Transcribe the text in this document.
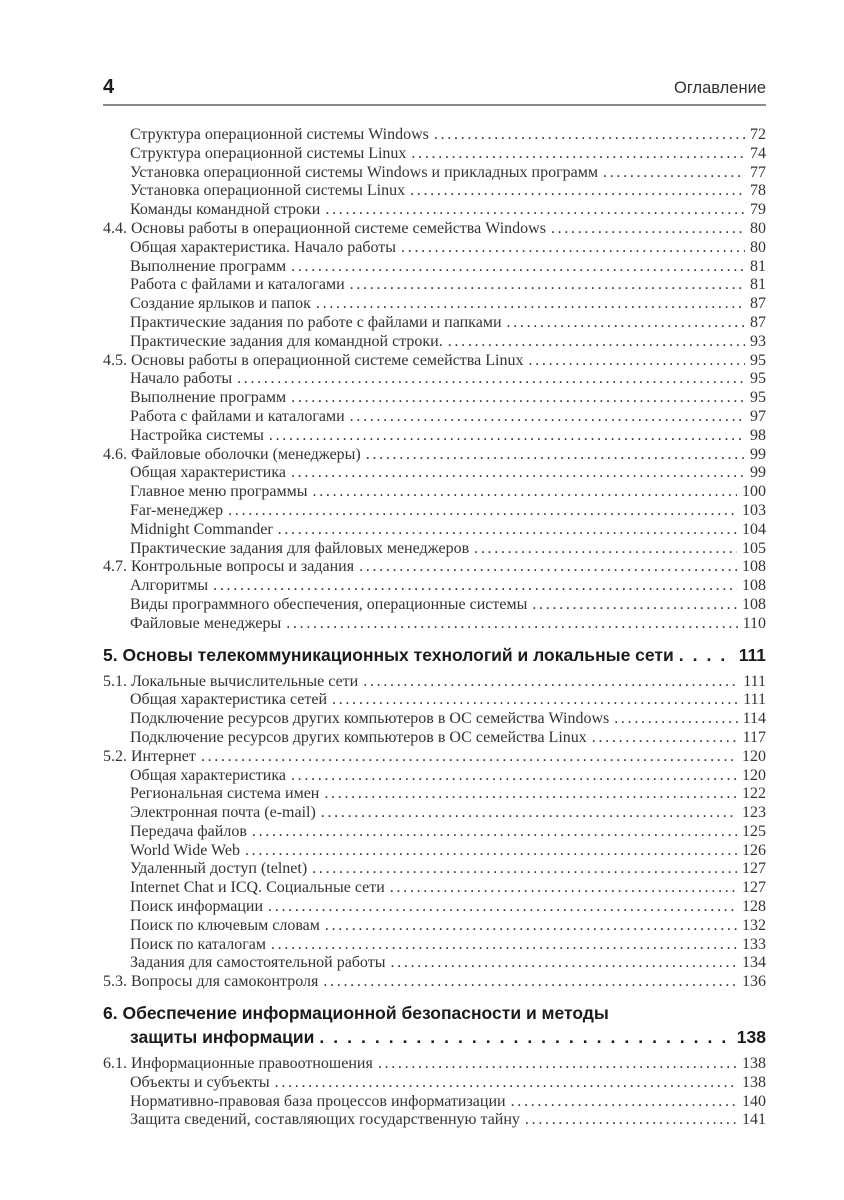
4	Оглавление
Структура операционной системы Windows .....	72
Структура операционной системы Linux .....	74
Установка операционной системы Windows и прикладных программ .....	77
Установка операционной системы Linux .....	78
Команды командной строки .....	79
4.4. Основы работы в операционной системе семейства Windows .....	80
Общая характеристика. Начало работы .....	80
Выполнение программ .....	81
Работа с файлами и каталогами .....	81
Создание ярлыков и папок .....	87
Практические задания по работе с файлами и папками .....	87
Практические задания для командной строки. .....	93
4.5. Основы работы в операционной системе семейства Linux .....	95
Начало работы .....	95
Выполнение программ .....	95
Работа с файлами и каталогами .....	97
Настройка системы .....	98
4.6. Файловые оболочки (менеджеры) .....	99
Общая характеристика .....	99
Главное меню программы .....	100
Far-менеджер .....	103
Midnight Commander .....	104
Практические задания для файловых менеджеров .....	105
4.7. Контрольные вопросы и задания .....	108
Алгоритмы .....	108
Виды программного обеспечения, операционные системы .....	108
Файловые менеджеры .....	110
5. Основы телекоммуникационных технологий и локальные сети .....	111
5.1. Локальные вычислительные сети .....	111
Общая характеристика сетей .....	111
Подключение ресурсов других компьютеров в ОС семейства Windows .....	114
Подключение ресурсов других компьютеров в ОС семейства Linux .....	117
5.2. Интернет .....	120
Общая характеристика .....	120
Региональная система имен .....	122
Электронная почта (e-mail) .....	123
Передача файлов .....	125
World Wide Web .....	126
Удаленный доступ (telnet) .....	127
Internet Chat и ICQ. Социальные сети .....	127
Поиск информации .....	128
Поиск по ключевым словам .....	132
Поиск по каталогам .....	133
Задания для самостоятельной работы .....	134
5.3. Вопросы для самоконтроля .....	136
6. Обеспечение информационной безопасности и методы
защиты информации .....	138
6.1. Информационные правоотношения .....	138
Объекты и субъекты .....	138
Нормативно-правовая база процессов информатизации .....	140
Защита сведений, составляющих государственную тайну .....	141
